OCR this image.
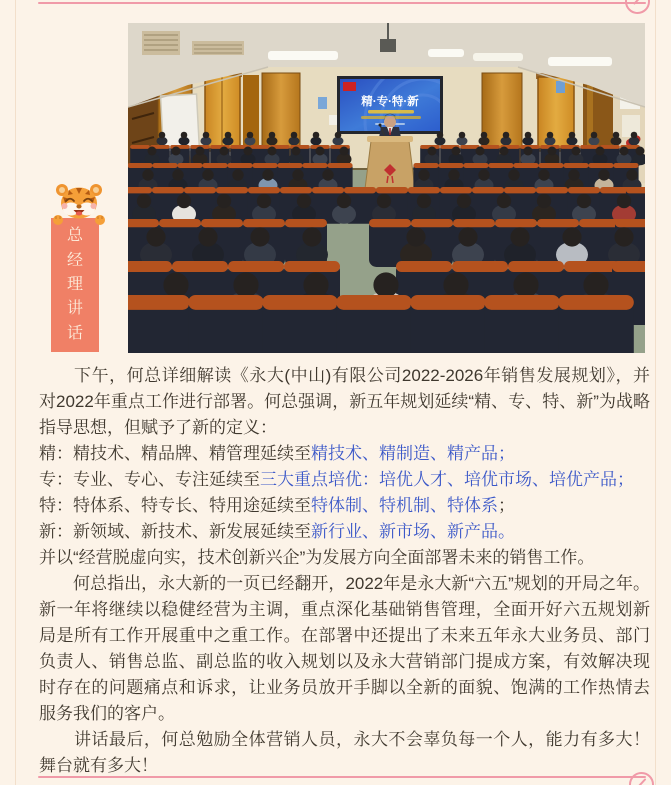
精·专·特·新
总
经
理
讲
话

　　下午，何总详细解读《永大(中山)有限公司2022-2026年销售发展规划》，并对2022年重点工作进行部署。何总强调，新五年规划延续“精、专、特、新”为战略指导思想，但赋予了新的定义：

精：精技术、精品牌、精管理延续至精技术、精制造、精产品；

专：专业、专心、专注延续至三大重点培优：培优人才、培优市场、培优产品；

特：特体系、特专长、特用途延续至特体制、特机制、特体系；

新：新领域、新技术、新发展延续至新行业、新市场、新产品。

并以“经营脱虚向实，技术创新兴企”为发展方向全面部署未来的销售工作。

　　何总指出，永大新的一页已经翻开，2022年是永大新“六五”规划的开局之年。新一年将继续以稳健经营为主调，重点深化基础销售管理，全面开好六五规划新局是所有工作开展重中之重工作。在部署中还提出了未来五年永大业务员、部门负责人、销售总监、副总监的收入规划以及永大营销部门提成方案，有效解决现时存在的问题痛点和诉求，让业务员放开手脚以全新的面貌、饱满的工作热情去服务我们的客户。

　　讲话最后，何总勉励全体营销人员，永大不会辜负每一个人，能力有多大！舞台就有多大！
